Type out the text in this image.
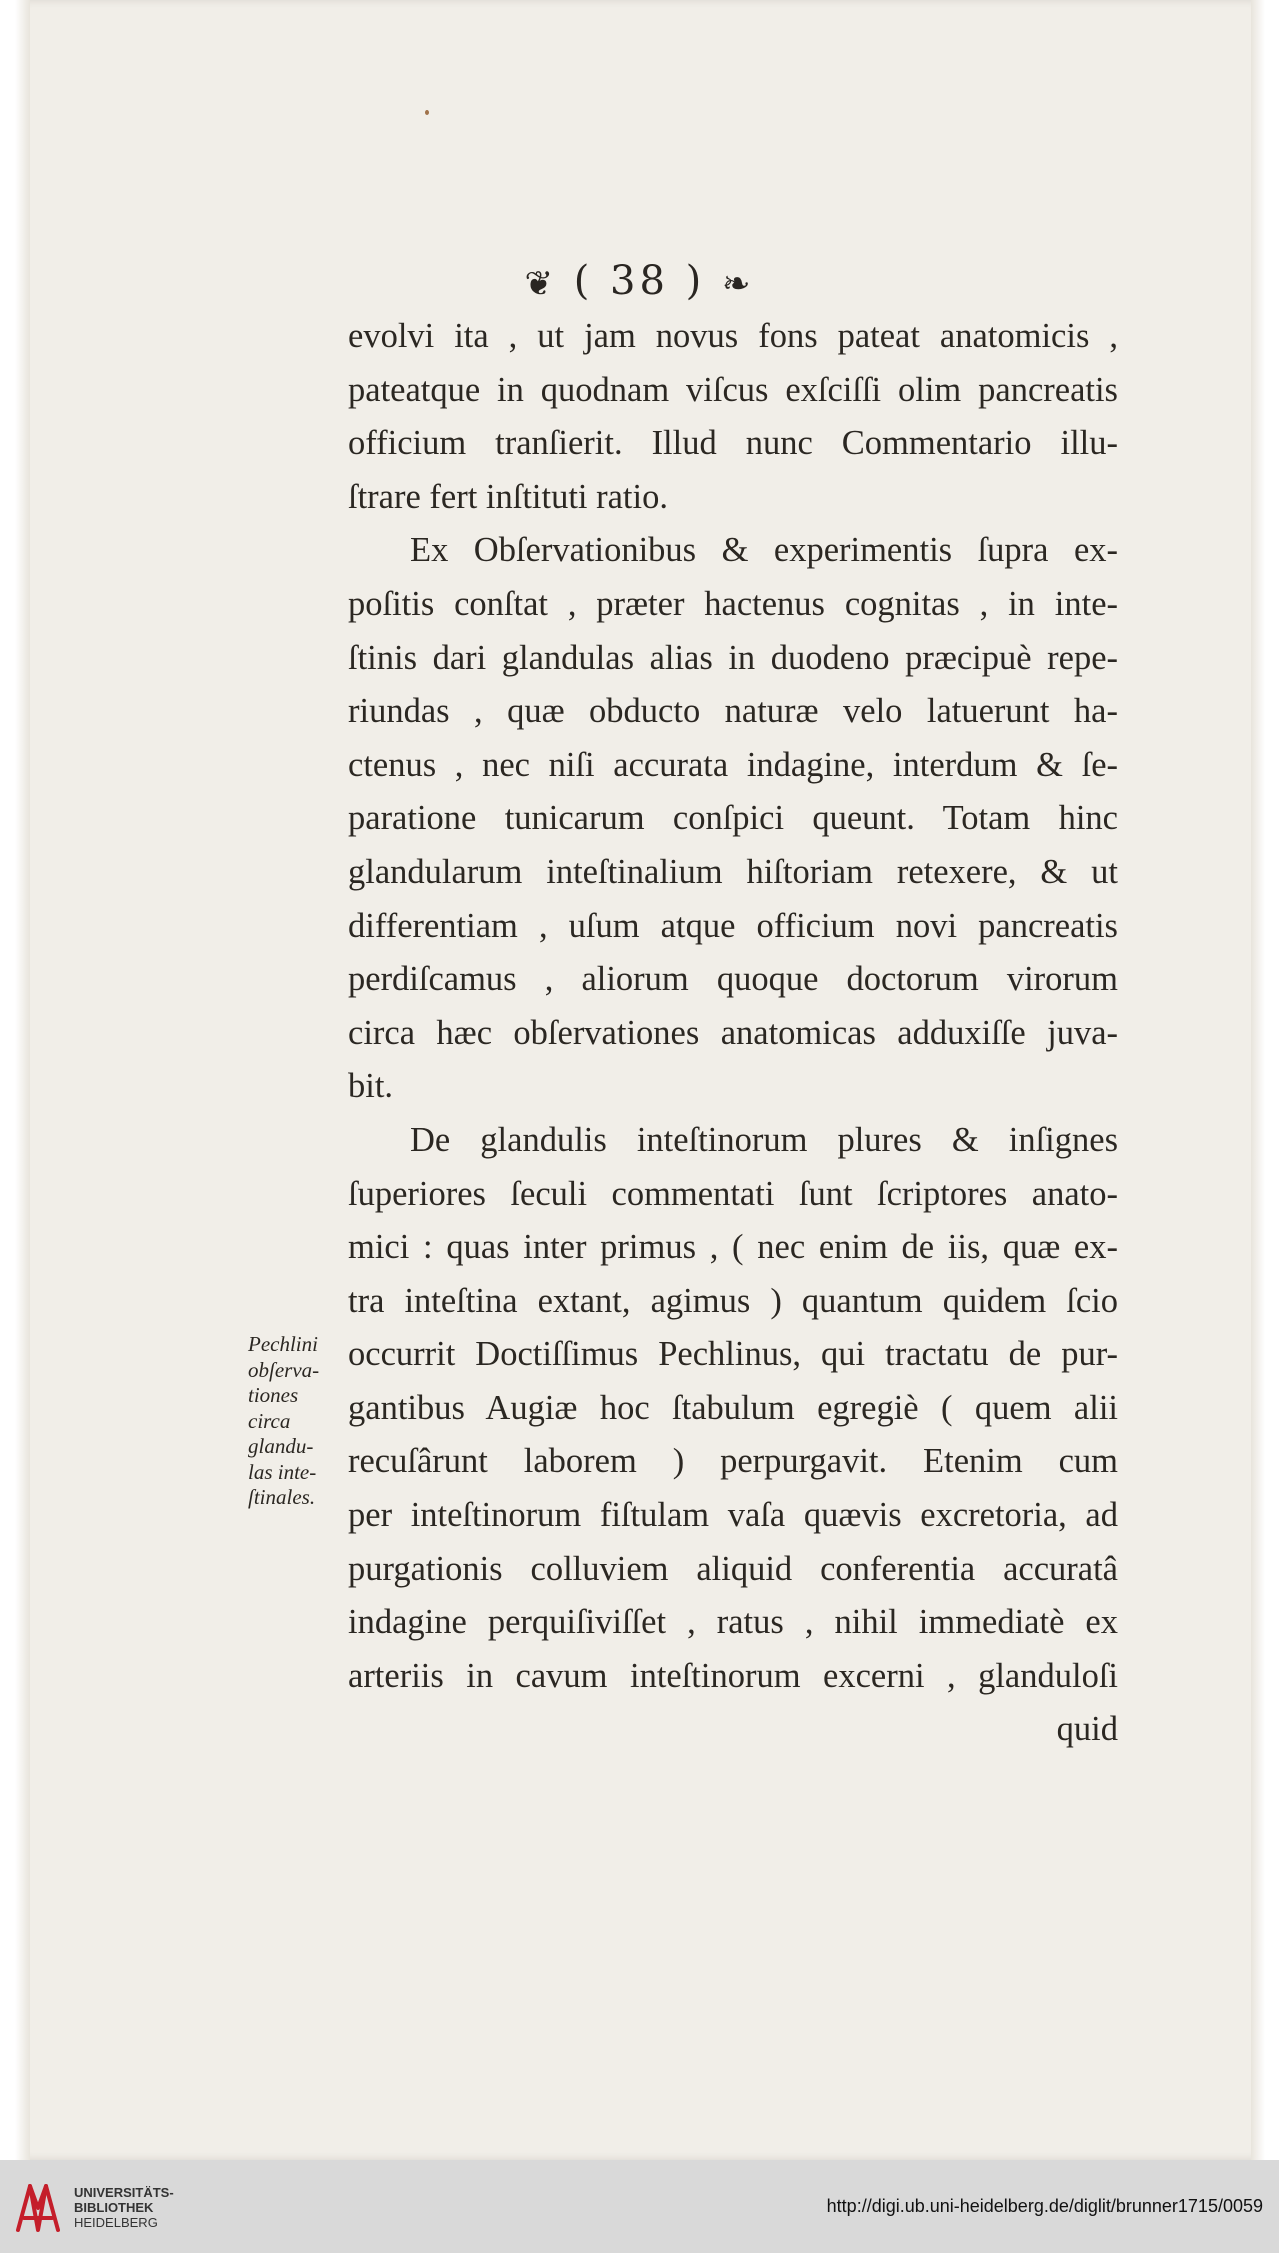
❦ ( 38 ) ❧
evolvi ita , ut jam novus fons pateat anatomicis ,
pateatque in quodnam viſcus exſciſſi olim pancreatis
officium tranſierit. Illud nunc Commentario illu-
ſtrare fert inſtituti ratio.
Ex Obſervationibus & experimentis ſupra ex-
poſitis conſtat , præter hactenus cognitas , in inte-
ſtinis dari glandulas alias in duodeno præcipuè repe-
riundas , quæ obducto naturæ velo latuerunt ha-
ctenus , nec niſi accurata indagine, interdum & ſe-
paratione tunicarum conſpici queunt. Totam hinc
glandularum inteſtinalium hiſtoriam retexere, & ut
differentiam , uſum atque officium novi pancreatis
perdiſcamus , aliorum quoque doctorum virorum
circa hæc obſervationes anatomicas adduxiſſe juva-
bit.
De glandulis inteſtinorum plures & inſignes
ſuperiores ſeculi commentati ſunt ſcriptores anato-
mici : quas inter primus , ( nec enim de iis, quæ ex-
tra inteſtina extant, agimus ) quantum quidem ſcio
occurrit Doctiſſimus Pechlinus, qui tractatu de pur-
gantibus Augiæ hoc ſtabulum egregiè ( quem alii
recuſârunt laborem ) perpurgavit. Etenim cum
per inteſtinorum fiſtulam vaſa quævis excretoria, ad
purgationis colluviem aliquid conferentia accuratâ
indagine perquiſiviſſet , ratus , nihil immediatè ex
arteriis in cavum inteſtinorum excerni , glanduloſi
quid
Pechlini
obſerva-
tiones
circa
glandu-
las inte-
ſtinales.
UNIVERSITÄTS-
BIBLIOTHEK
HEIDELBERG
http://digi.ub.uni-heidelberg.de/diglit/brunner1715/0059
